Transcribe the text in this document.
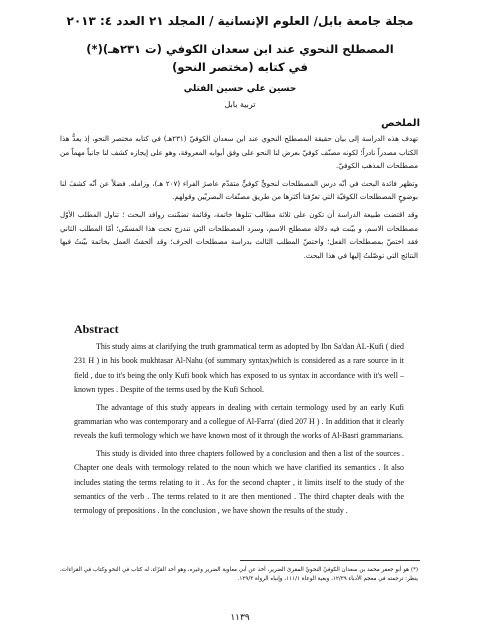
مجلة جامعة بابل/ العلوم الإنسانية / المجلد ٢١ العدد ٤: ٢٠١٣
المصطلح النحوي عند ابن سعدان الكوفي (ت ٢٣١هـ)(*)
في كتابه (مختصر النحو)
حسين علي حسين الفتلي
تربية بابل
الملخص

تهدف هذه الدراسة إلى بيان حقيقة المصطلح النحوي عند ابن سعدان الكوفيّ (٢٣١هـ) في كتابه مختصر النحو، إذ يعدُّ هذا الكتاب مصدراً نادراً؛ لكونه مصنّف كوفيّ بعرض لنا النحو على وفق أبوابه المعروفة، وهو على إيجازه كشف لنا جانباً مهماً من مصطلحات المذهب الكوفيّ.

وتظهر فائدة البحث في أنّه درس المصطلحات لنحويٍّ كوفيٍّ متقدّم عاصرَ الفراء (٢٠٧ هـ)، وزامله. فضلاً عن أنّه كشفَ لنا بوضوحٍ المصطلحات الكوفيّة التي تعرّفنا أكثرها من طريق مصنّفات البصريّين وقولهم.

وقد اقتضت طبيعة الدراسة أن تكون على ثلاثة مطالب تتلوها خاتمة، وقائمة تضمّنت روافد البحث ؛ تناول المطلب الأوّل مصطلحات الاسم، و بيّنت فيه دلالة مصطلح الاسم، وسرد المصطلحات التي تندرج تحت هذا المسمّى؛ أمّا المطلب الثاني فقد اختصّ بمصطلحات الفعل؛ واختصّ المطلب الثالث بدراسة مصطلحات الحرف؛ وقد ألحقتُ العمل بخاتمة بيّنتُ فيها النتائج التي توصّلتُ إليها في هذا البحث.

Abstract

This study aims at clarifying the truth grammatical term as adopted by Ibn Sa'dan AL-Kufi ( died 231 H ) in his book mukhtasar Al-Nahu (of summary syntax)which is considered as a rare source in it field , due to it's being the only Kufi book which has exposed to us syntax in accordance with it's well – known types . Despite of the terms used by the Kufi School.

The advantage of this study appears in dealing with certain termology used by an early Kufi grammarian who was contemporary and a collegue of Al-Farra' (died 207 H ) . In addition that it clearly reveals the kufi termology which we have known most of it through the works of Al-Basri grammarians.

This study is divided into three chapters followed by a conclusion and then a list of the sources . Chapter one deals with termology related to the noun which we have clarified its semantics . It also includes stating the terms relating to it . As for the second chapter , it limits itself to the study of the semantics of the verb . The terms related to it are then mentioned . The third chapter deals with the termology of prepositions . In the conclusion , we have shown the results of the study .

(*) هو أبو جعفر محمد بن سعدان الكوفيّ النحويّ المقرئ الضرير، أخذ عن أبي معاوية الضرير وغيره، وهو أحد القرّاء، له كتاب في النحو وكتاب في القراءات، ينظر: ترجمته في معجم الأدباء ١٢/٣٩، وبغية الوعاة ١١١/١، وإنباه الرواة ١٣٩/٣.
١١٣٩
